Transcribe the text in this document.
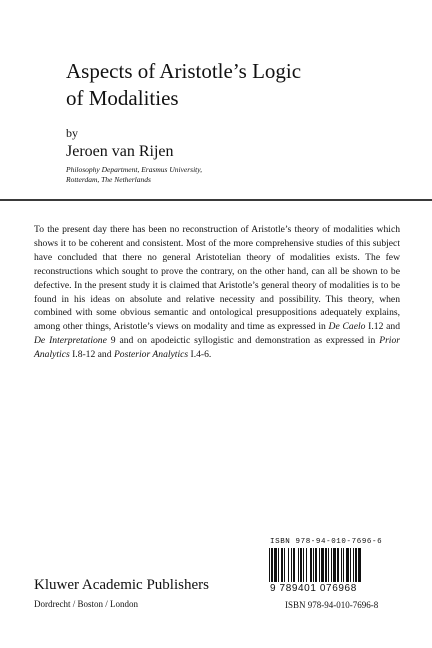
Aspects of Aristotle’s Logic
of Modalities
by
Jeroen van Rijen
Philosophy Department, Erasmus University,
Rotterdam, The Netherlands

To the present day there has been no reconstruction of Aristotle’s theory of modalities which shows it to be coherent and consistent. Most of the more comprehensive studies of this subject have concluded that there no general Aristotelian theory of modalities exists. The few reconstructions which sought to prove the contrary, on the other hand, can all be shown to be defective. In the present study it is claimed that Aristotle’s general theory of modalities is to be found in his ideas on absolute and relative necessity and possibility. This theory, when combined with some obvious semantic and ontological presuppositions adequately explains, among other things, Aristotle’s views on modality and time as expressed in De Caelo I.12 and De Interpretatione 9 and on apodeictic syllogistic and demonstration as expressed in Prior Analytics I.8-12 and Posterior Analytics I.4-6.

ISBN 978-94-010-7696-6
9 789401 076968
Kluwer Academic Publishers
Dordrecht / Boston / London	ISBN 978-94-010-7696-8
